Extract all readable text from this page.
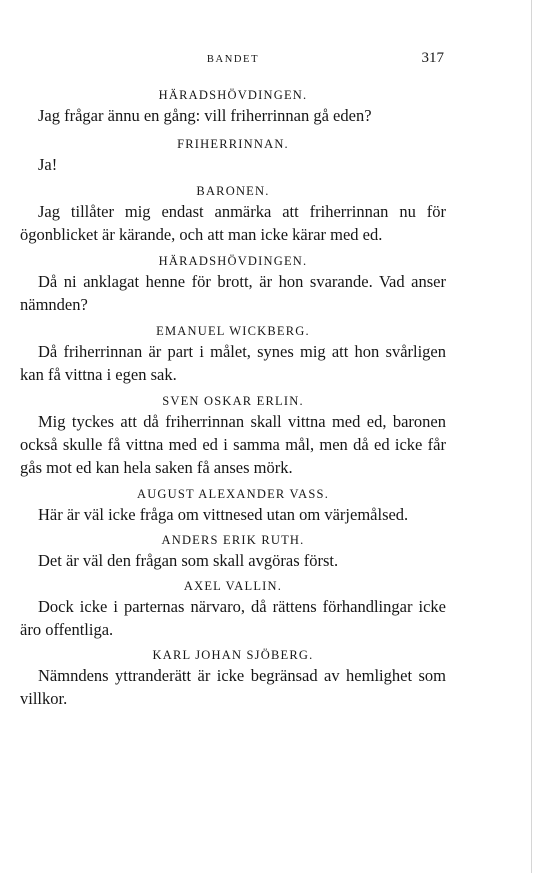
BANDET	317
HÄRADSHÖVDINGEN.

Jag frågar ännu en gång: vill friherrinnan gå eden?

FRIHERRINNAN.

Ja!

BARONEN.

Jag tillåter mig endast anmärka att friherrinnan nu för ögonblicket är kärande, och att man icke kärar med ed.

HÄRADSHÖVDINGEN.

Då ni anklagat henne för brott, är hon svarande. Vad anser nämnden?

EMANUEL WICKBERG.

Då friherrinnan är part i målet, synes mig att hon svårligen kan få vittna i egen sak.

SVEN OSKAR ERLIN.

Mig tyckes att då friherrinnan skall vittna med ed, baronen också skulle få vittna med ed i samma mål, men då ed icke får gås mot ed kan hela saken få anses mörk.

AUGUST ALEXANDER VASS.

Här är väl icke fråga om vittnesed utan om värjemålsed.

ANDERS ERIK RUTH.

Det är väl den frågan som skall avgöras först.

AXEL VALLIN.

Dock icke i parternas närvaro, då rättens förhandlingar icke äro offentliga.

KARL JOHAN SJÖBERG.

Nämndens yttranderätt är icke begränsad av hemlighet som villkor.
